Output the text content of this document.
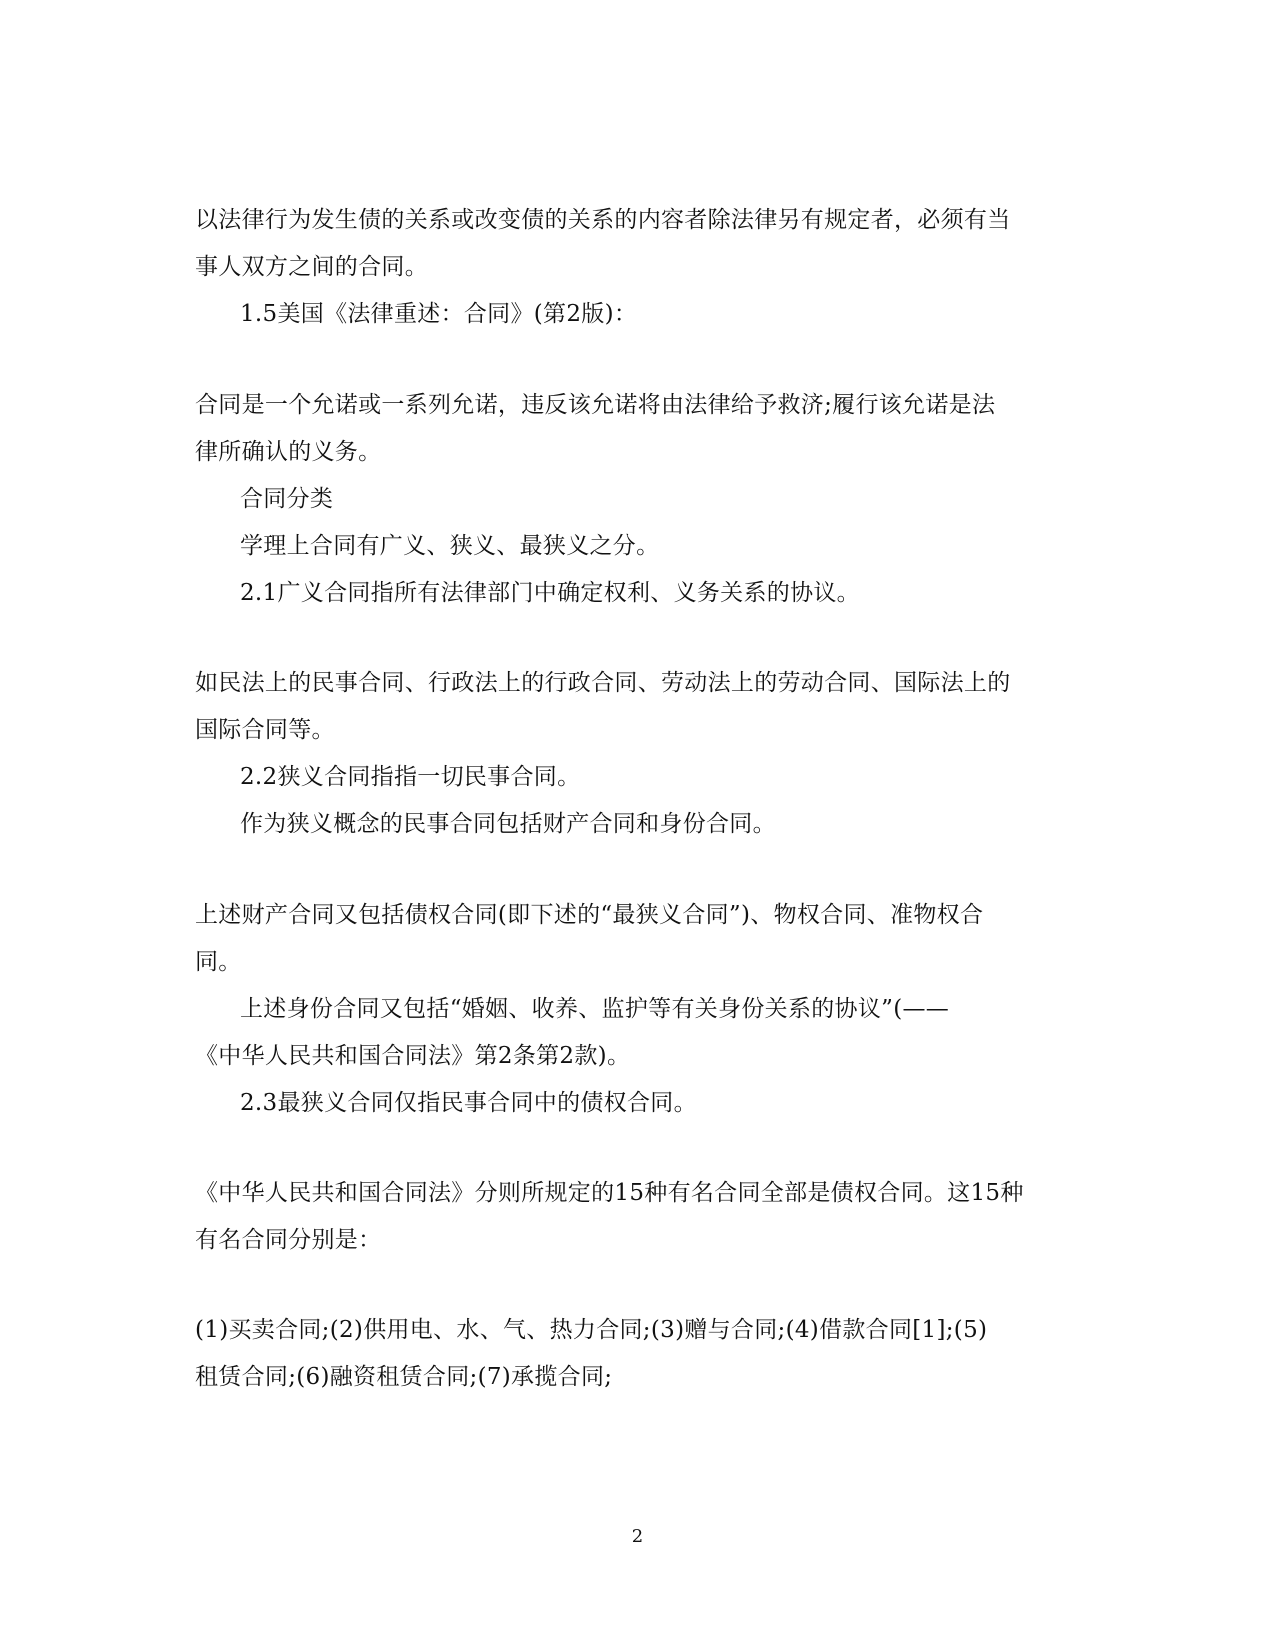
以法律行为发生债的关系或改变债的关系的内容者除法律另有规定者，必须有当
事人双方之间的合同。
1.5美国《法律重述：合同》(第2版)：
合同是一个允诺或一系列允诺，违反该允诺将由法律给予救济;履行该允诺是法
律所确认的义务。
合同分类
学理上合同有广义、狭义、最狭义之分。
2.1广义合同指所有法律部门中确定权利、义务关系的协议。
如民法上的民事合同、行政法上的行政合同、劳动法上的劳动合同、国际法上的
国际合同等。
2.2狭义合同指指一切民事合同。
作为狭义概念的民事合同包括财产合同和身份合同。
上述财产合同又包括债权合同(即下述的“最狭义合同”)、物权合同、准物权合
同。
上述身份合同又包括“婚姻、收养、监护等有关身份关系的协议”(——
《中华人民共和国合同法》第2条第2款)。
2.3最狭义合同仅指民事合同中的债权合同。
《中华人民共和国合同法》分则所规定的15种有名合同全部是债权合同。这15种
有名合同分别是：
(1)买卖合同;(2)供用电、水、气、热力合同;(3)赠与合同;(4)借款合同[1];(5)
租赁合同;(6)融资租赁合同;(7)承揽合同;
2
